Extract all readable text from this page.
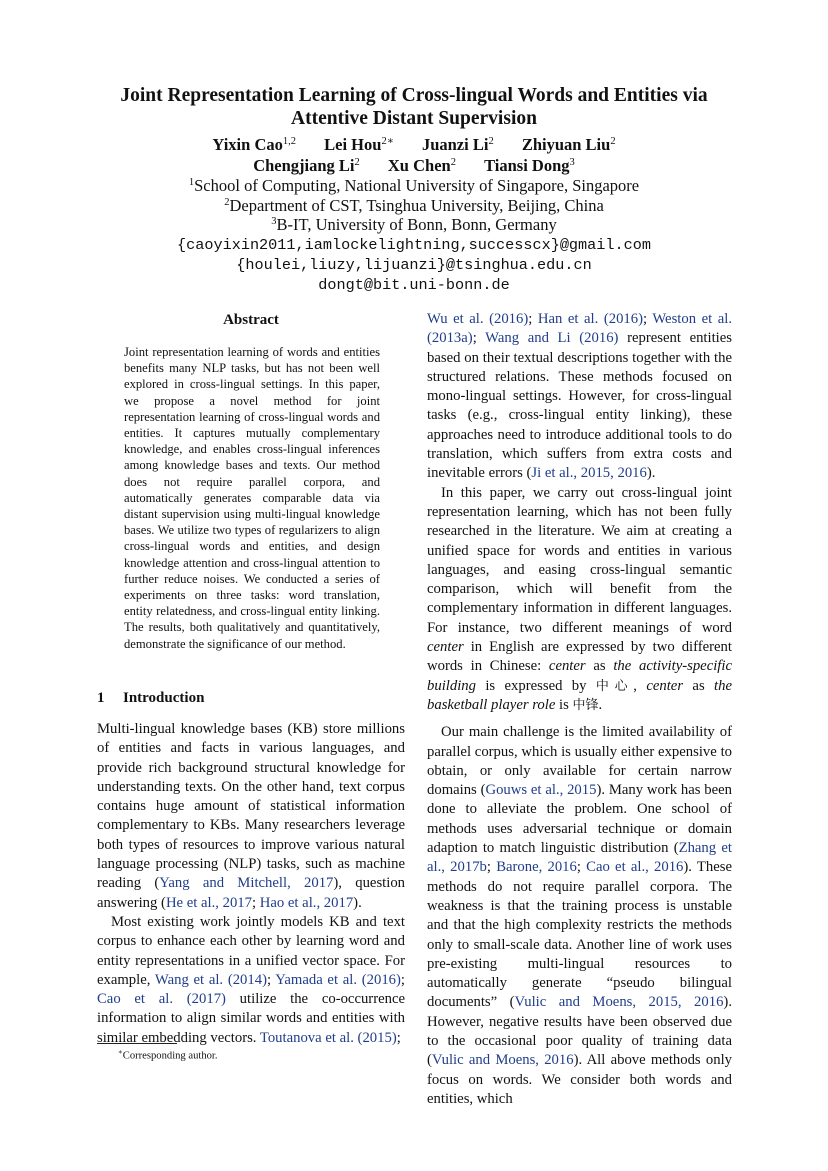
Joint Representation Learning of Cross-lingual Words and Entities via
Attentive Distant Supervision
Yixin Cao$^{1,2}$ Lei Hou$^{2∗}$ Juanzi Li$^2$ Zhiyuan Liu$^2$
Chengjiang Li$^2$ Xu Chen$^2$ Tiansi Dong$^3$
$^1$School of Computing, National University of Singapore, Singapore
$^2$Department of CST, Tsinghua University, Beijing, China
$^3$B-IT, University of Bonn, Bonn, Germany
{caoyixin2011,iamlockelightning,successcx}@gmail.com
{houlei,liuzy,lijuanzi}@tsinghua.edu.cn
dongt@bit.uni-bonn.de
Abstract
Joint representation learning of words and entities benefits many NLP tasks, but has not been well explored in cross-lingual settings. In this paper, we propose a novel method for joint representation learning of cross-lingual words and entities. It captures mutually complementary knowledge, and enables cross-lingual inferences among knowledge bases and texts. Our method does not require parallel corpora, and automatically generates comparable data via distant supervision using multi-lingual knowledge bases. We utilize two types of regularizers to align cross-lingual words and entities, and design knowledge attention and cross-lingual attention to further reduce noises. We conducted a series of experiments on three tasks: word translation, entity relatedness, and cross-lingual entity linking. The results, both qualitatively and quantitatively, demonstrate the significance of our method.
1 Introduction

Multi-lingual knowledge bases (KB) store millions of entities and facts in various languages, and provide rich background structural knowledge for understanding texts. On the other hand, text corpus contains huge amount of statistical information complementary to KBs. Many researchers leverage both types of resources to improve various natural language processing (NLP) tasks, such as machine reading (Yang and Mitchell, 2017), question answering (He et al., 2017; Hao et al., 2017).

Most existing work jointly models KB and text corpus to enhance each other by learning word and entity representations in a unified vector space. For example, Wang et al. (2014); Yamada et al. (2016); Cao et al. (2017) utilize the co-occurrence information to align similar words and entities with similar embedding vectors. Toutanova et al. (2015);

∗Corresponding author.

Wu et al. (2016); Han et al. (2016); Weston et al. (2013a); Wang and Li (2016) represent entities based on their textual descriptions together with the structured relations. These methods focused on mono-lingual settings. However, for cross-lingual tasks (e.g., cross-lingual entity linking), these approaches need to introduce additional tools to do translation, which suffers from extra costs and inevitable errors (Ji et al., 2015, 2016).

In this paper, we carry out cross-lingual joint representation learning, which has not been fully researched in the literature. We aim at creating a unified space for words and entities in various languages, and easing cross-lingual semantic comparison, which will benefit from the complementary information in different languages. For instance, two different meanings of word center in English are expressed by two different words in Chinese: center as the activity-specific building is expressed by 中心, center as the basketball player role is 中锋.

Our main challenge is the limited availability of parallel corpus, which is usually either expensive to obtain, or only available for certain narrow domains (Gouws et al., 2015). Many work has been done to alleviate the problem. One school of methods uses adversarial technique or domain adaption to match linguistic distribution (Zhang et al., 2017b; Barone, 2016; Cao et al., 2016). These methods do not require parallel corpora. The weakness is that the training process is unstable and that the high complexity restricts the methods only to small-scale data. Another line of work uses pre-existing multi-lingual resources to automatically generate “pseudo bilingual documents” (Vulic and Moens, 2015, 2016). However, negative results have been observed due to the occasional poor quality of training data (Vulic and Moens, 2016). All above methods only focus on words. We consider both words and entities, which
